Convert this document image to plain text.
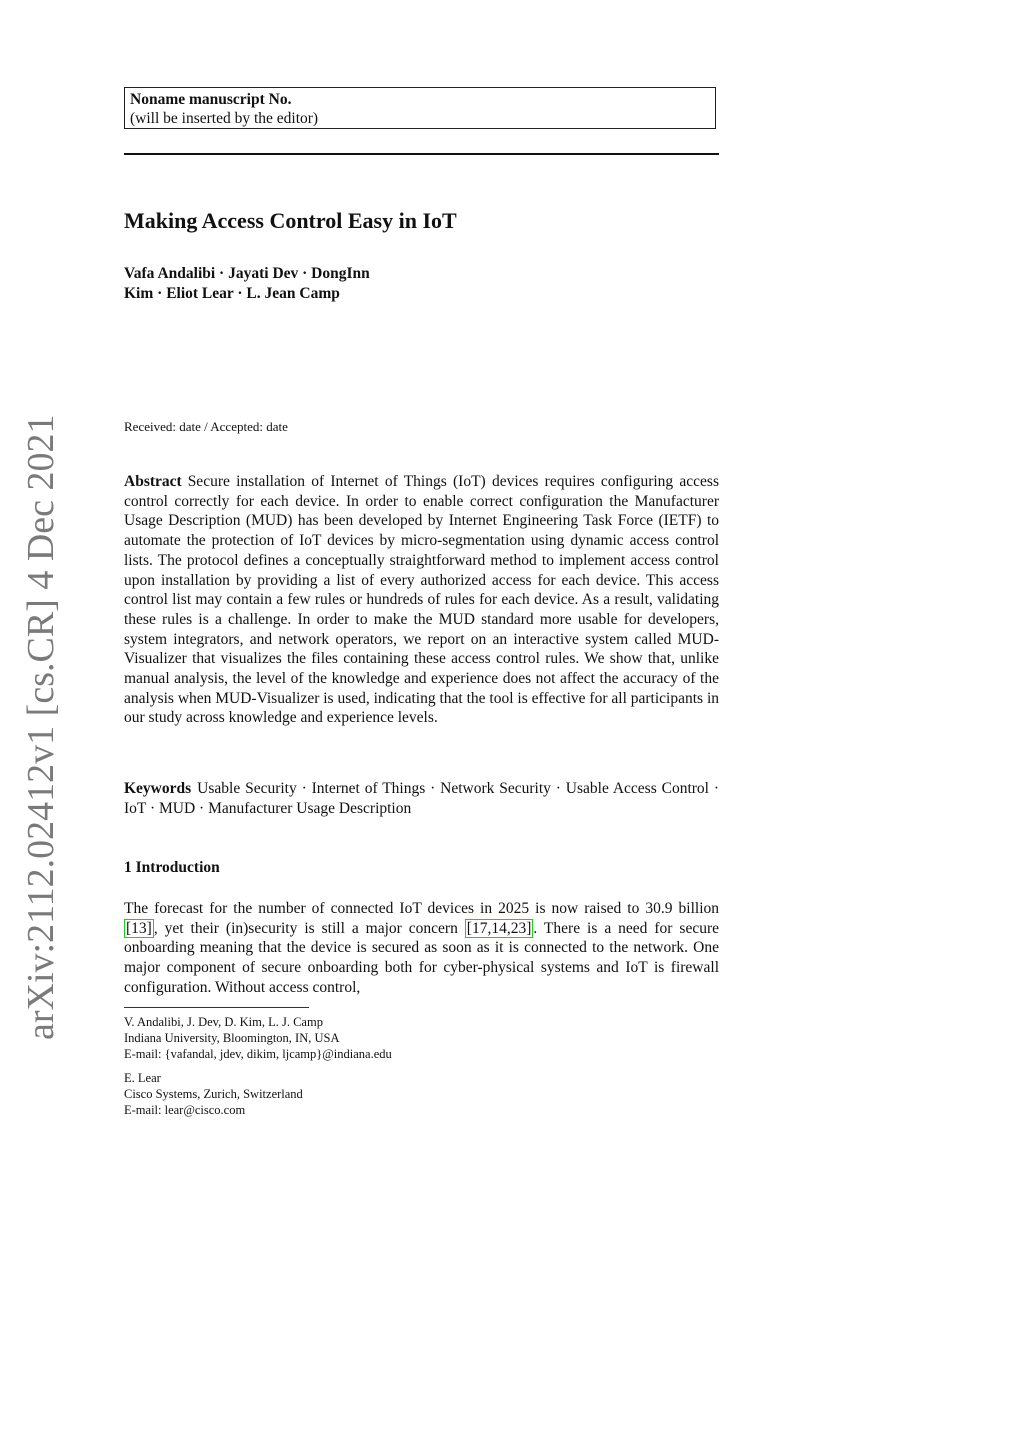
arXiv:2112.02412v1 [cs.CR] 4 Dec 2021
Noname manuscript No.
(will be inserted by the editor)
Making Access Control Easy in IoT
Vafa Andalibi · Jayati Dev · DongInn
Kim · Eliot Lear · L. Jean Camp
Received: date / Accepted: date

Abstract Secure installation of Internet of Things (IoT) devices requires configuring access control correctly for each device. In order to enable correct configuration the Manufacturer Usage Description (MUD) has been developed by Internet Engineering Task Force (IETF) to automate the protection of IoT devices by micro-segmentation using dynamic access control lists. The protocol defines a conceptually straightforward method to implement access control upon installation by providing a list of every authorized access for each device. This access control list may contain a few rules or hundreds of rules for each device. As a result, validating these rules is a challenge. In order to make the MUD standard more usable for developers, system integrators, and network operators, we report on an interactive system called MUD-Visualizer that visualizes the files containing these access control rules. We show that, unlike manual analysis, the level of the knowledge and experience does not affect the accuracy of the analysis when MUD-Visualizer is used, indicating that the tool is effective for all participants in our study across knowledge and experience levels.

Keywords Usable Security · Internet of Things · Network Security · Usable Access Control · IoT · MUD · Manufacturer Usage Description

1 Introduction

The forecast for the number of connected IoT devices in 2025 is now raised to 30.9 billion [13] , yet their (in)security is still a major concern [17,14,23] . There is a need for secure onboarding meaning that the device is secured as soon as it is connected to the network. One major component of secure onboarding both for cyber-physical systems and IoT is firewall configuration. Without access control,

V. Andalibi, J. Dev, D. Kim, L. J. Camp
Indiana University, Bloomington, IN, USA
E-mail: {vafandal, jdev, dikim, ljcamp}@indiana.edu
E. Lear
Cisco Systems, Zurich, Switzerland
E-mail: lear@cisco.com
